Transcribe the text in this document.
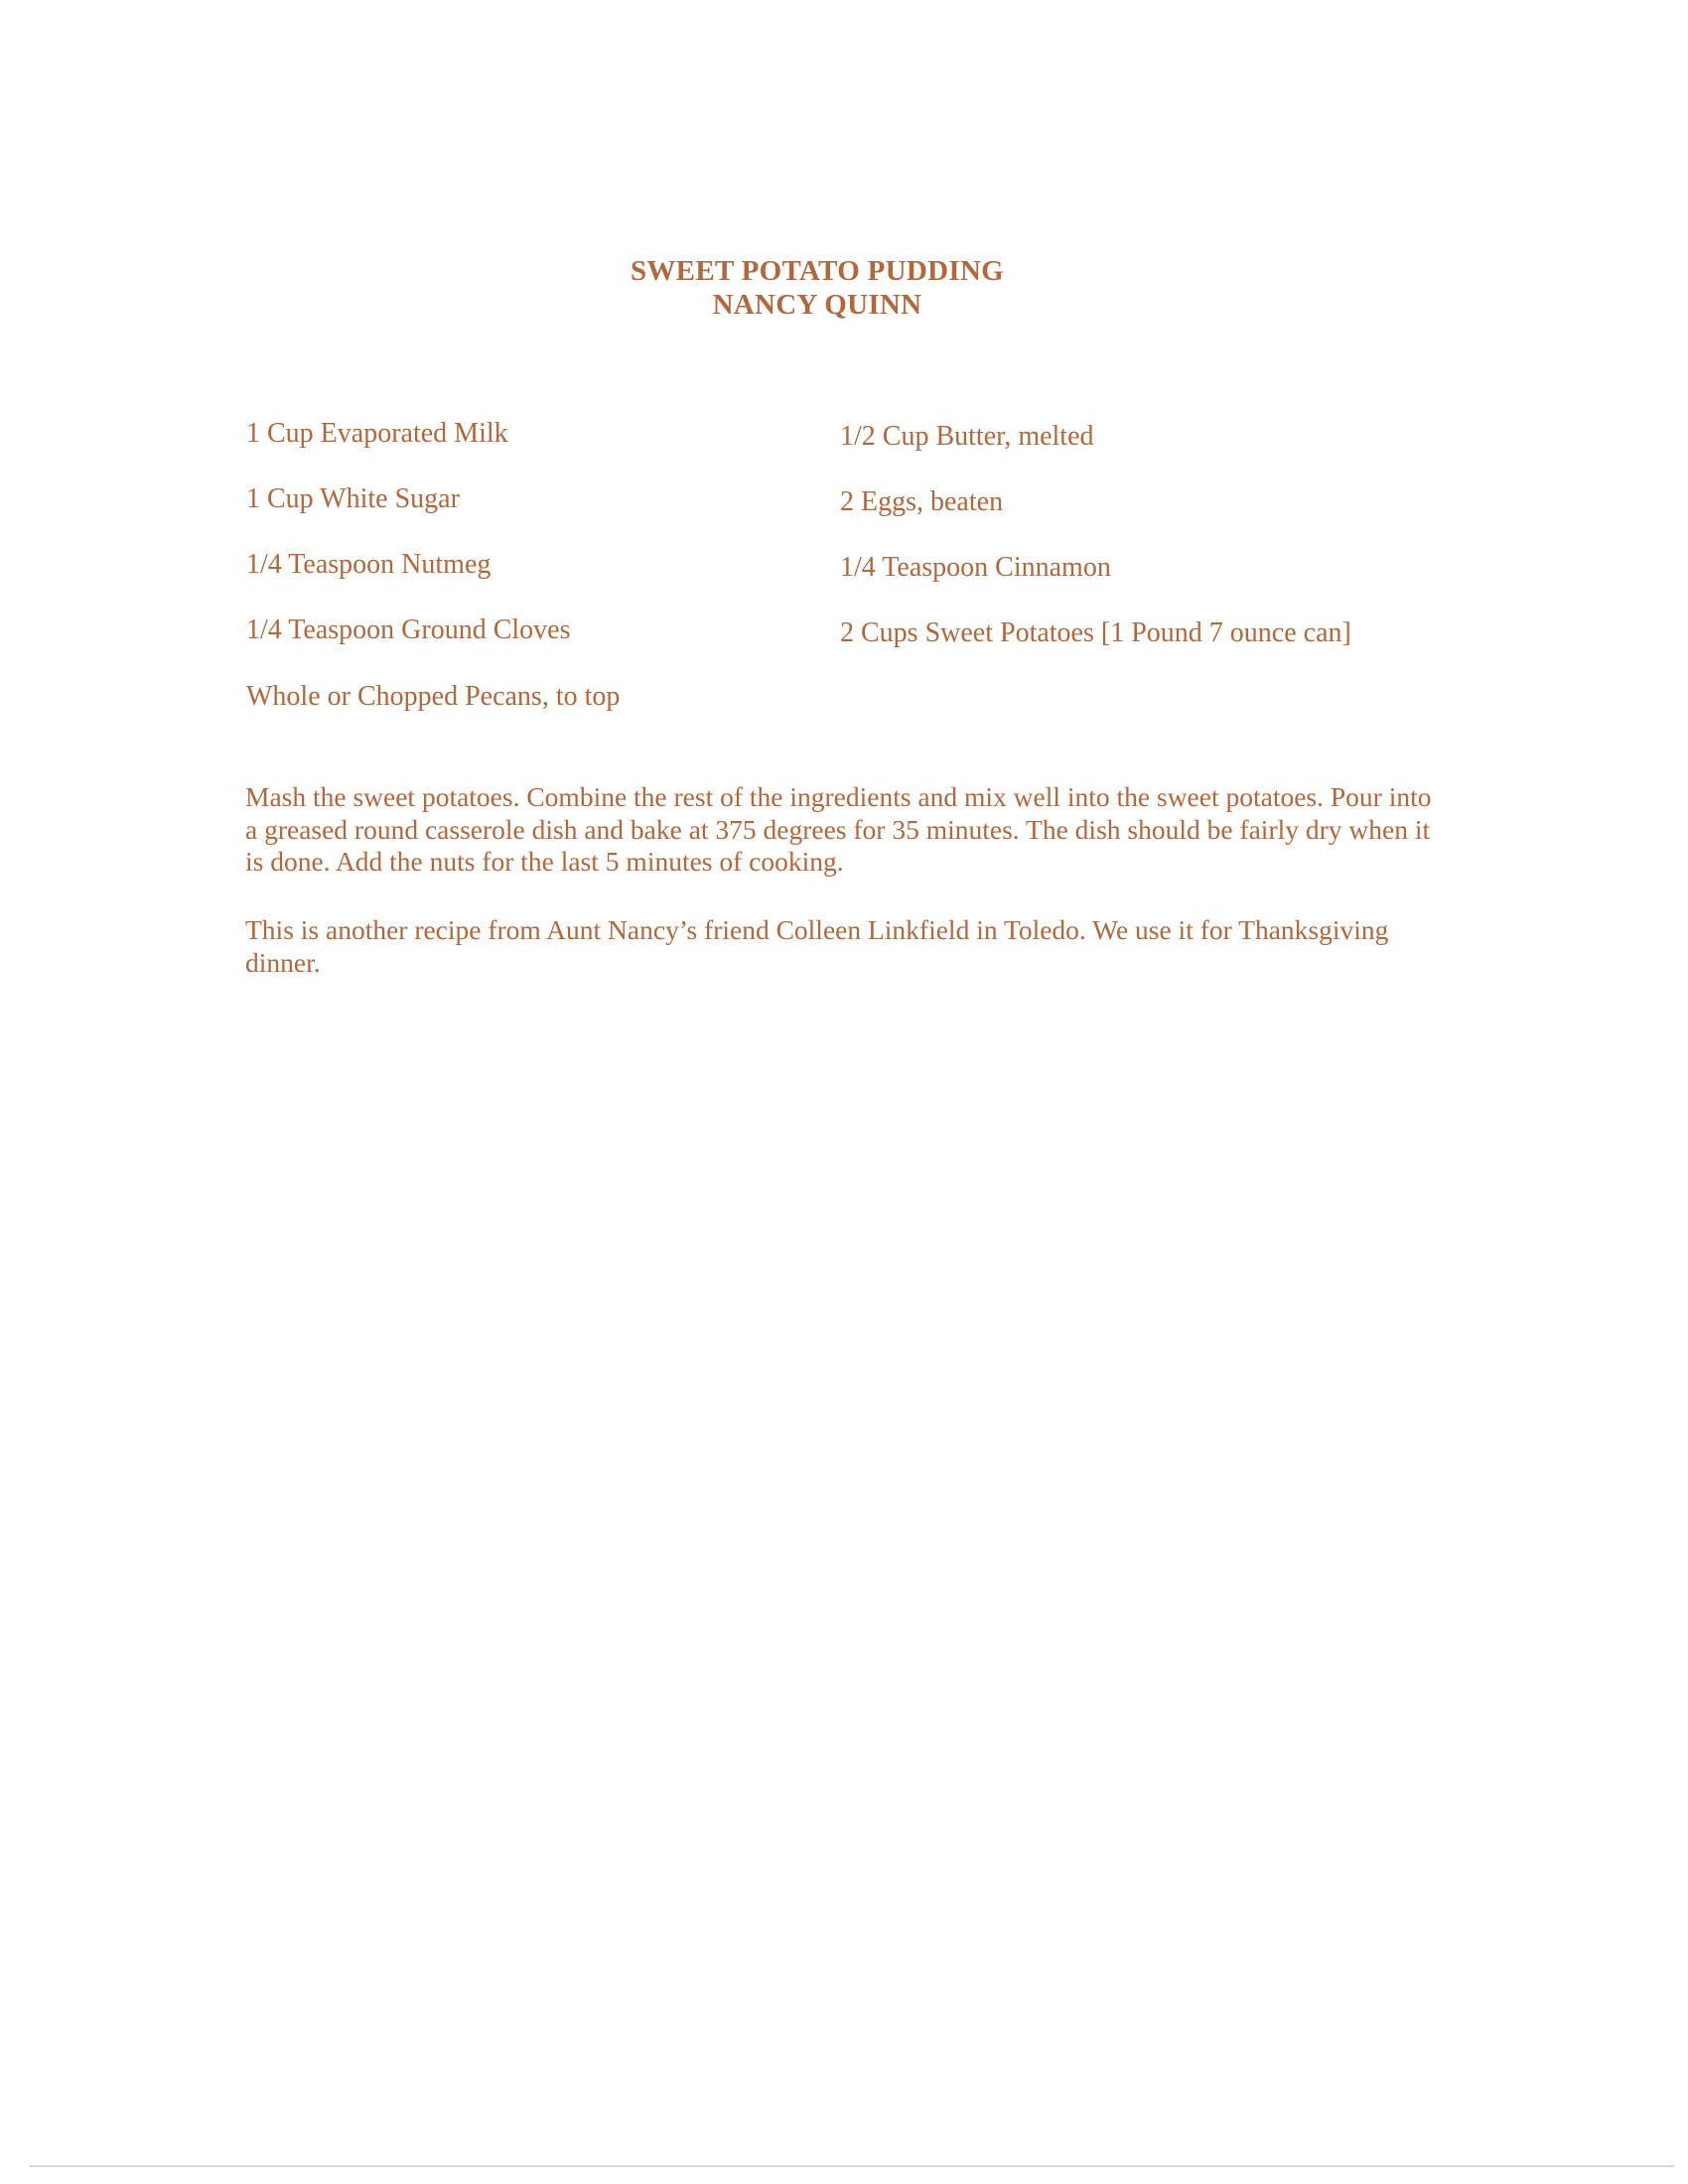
SWEET POTATO PUDDING
NANCY QUINN
1 Cup Evaporated Milk
1 Cup White Sugar
1/4 Teaspoon Nutmeg
1/4 Teaspoon Ground Cloves
Whole or Chopped Pecans, to top
1/2 Cup Butter, melted
2 Eggs, beaten
1/4 Teaspoon Cinnamon
2 Cups Sweet Potatoes [1 Pound 7 ounce can]
Mash the sweet potatoes. Combine the rest of the ingredients and mix well into the sweet potatoes. Pour into a greased round casserole dish and bake at 375 degrees for 35 minutes. The dish should be fairly dry when it is done. Add the nuts for the last 5 minutes of cooking.
This is another recipe from Aunt Nancy’s friend Colleen Linkfield in Toledo. We use it for Thanksgiving dinner.
